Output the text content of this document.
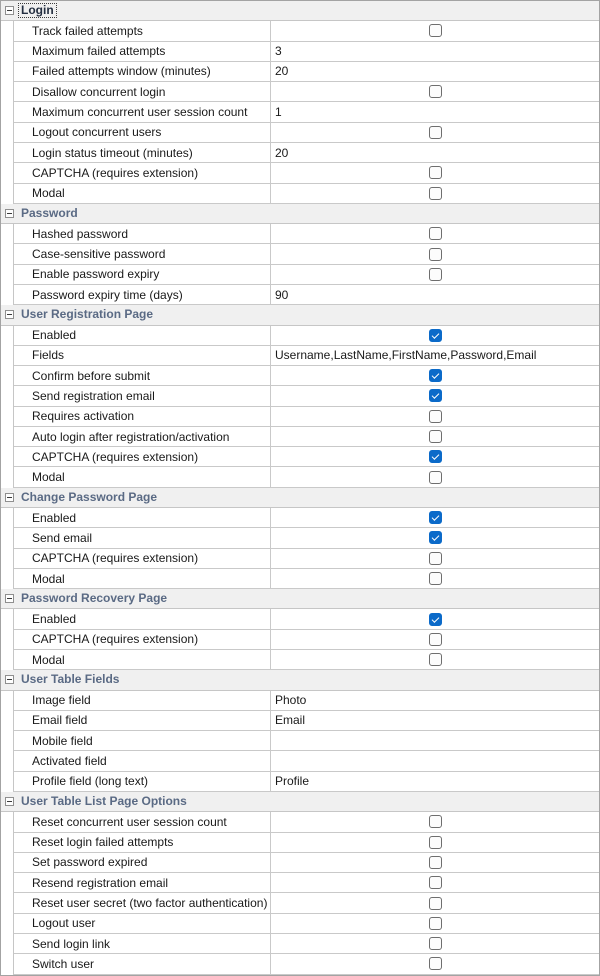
Login
Track failed attempts
Maximum failed attempts	3
Failed attempts window (minutes)	20
Disallow concurrent login
Maximum concurrent user session count	1
Logout concurrent users
Login status timeout (minutes)	20
CAPTCHA (requires extension)
Modal
Password
Hashed password
Case-sensitive password
Enable password expiry
Password expiry time (days)	90
User Registration Page
Enabled
Fields	Username,LastName,FirstName,Password,Email
Confirm before submit
Send registration email
Requires activation
Auto login after registration/activation
CAPTCHA (requires extension)
Modal
Change Password Page
Enabled
Send email
CAPTCHA (requires extension)
Modal
Password Recovery Page
Enabled
CAPTCHA (requires extension)
Modal
User Table Fields
Image field	Photo
Email field	Email
Mobile field
Activated field
Profile field (long text)	Profile
User Table List Page Options
Reset concurrent user session count
Reset login failed attempts
Set password expired
Resend registration email
Reset user secret (two factor authentication)
Logout user
Send login link
Switch user
